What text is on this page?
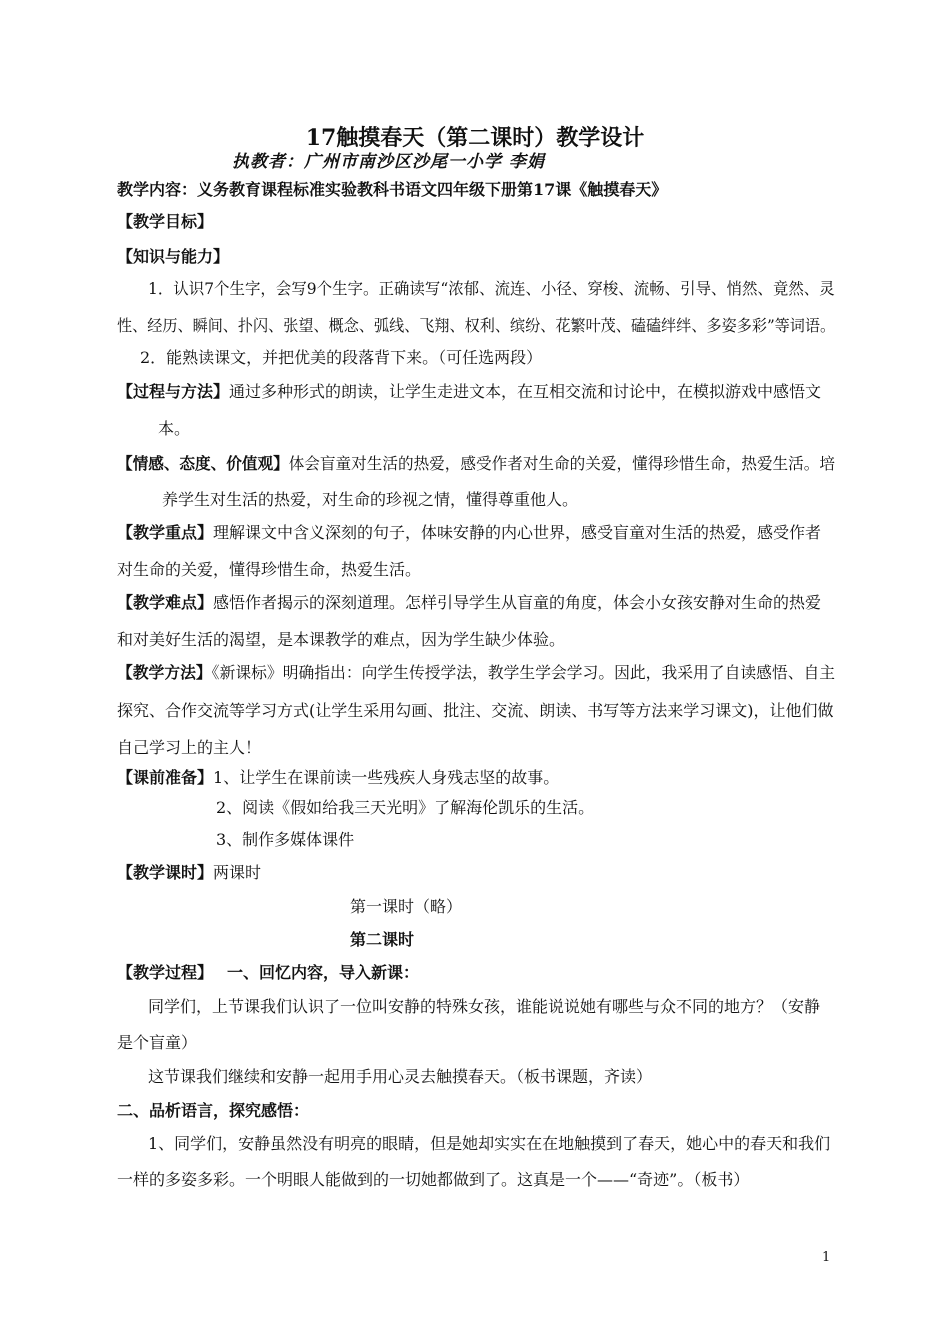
17触摸春天（第二课时）教学设计
执教者：广州市南沙区沙尾一小学 李娟
教学内容：义务教育课程标准实验教科书语文四年级下册第17课《触摸春天》
【教学目标】
【知识与能力】
1．认识7个生字，会写9个生字。正确读写“浓郁、流连、小径、穿梭、流畅、引导、悄然、竟然、灵
性、经历、瞬间、扑闪、张望、概念、弧线、飞翔、权利、缤纷、花繁叶茂、磕磕绊绊、多姿多彩”等词语。
2．能熟读课文，并把优美的段落背下来。（可任选两段）
【过程与方法】通过多种形式的朗读，让学生走进文本，在互相交流和讨论中，在模拟游戏中感悟文
本。
【情感、态度、价值观】体会盲童对生活的热爱，感受作者对生命的关爱，懂得珍惜生命，热爱生活。培
养学生对生活的热爱，对生命的珍视之情，懂得尊重他人。
【教学重点】理解课文中含义深刻的句子，体味安静的内心世界，感受盲童对生活的热爱，感受作者
对生命的关爱，懂得珍惜生命，热爱生活。
【教学难点】感悟作者揭示的深刻道理。怎样引导学生从盲童的角度，体会小女孩安静对生命的热爱
和对美好生活的渴望，是本课教学的难点，因为学生缺少体验。
【教学方法】《新课标》明确指出：向学生传授学法，教学生学会学习。因此，我采用了自读感悟、自主
探究、合作交流等学习方式(让学生采用勾画、批注、交流、朗读、书写等方法来学习课文)，让他们做
自己学习上的主人！
【课前准备】1、让学生在课前读一些残疾人身残志坚的故事。
2、阅读《假如给我三天光明》了解海伦凯乐的生活。
3、制作多媒体课件
【教学课时】两课时
第一课时（略）
第二课时
【教学过程】 一、回忆内容，导入新课：
同学们，上节课我们认识了一位叫安静的特殊女孩，谁能说说她有哪些与众不同的地方？（安静
是个盲童）
这节课我们继续和安静一起用手用心灵去触摸春天。（板书课题，齐读）
二、品析语言，探究感悟：
1、同学们，安静虽然没有明亮的眼睛，但是她却实实在在地触摸到了春天，她心中的春天和我们
一样的多姿多彩。一个明眼人能做到的一切她都做到了。这真是一个——“奇迹”。（板书）
1
